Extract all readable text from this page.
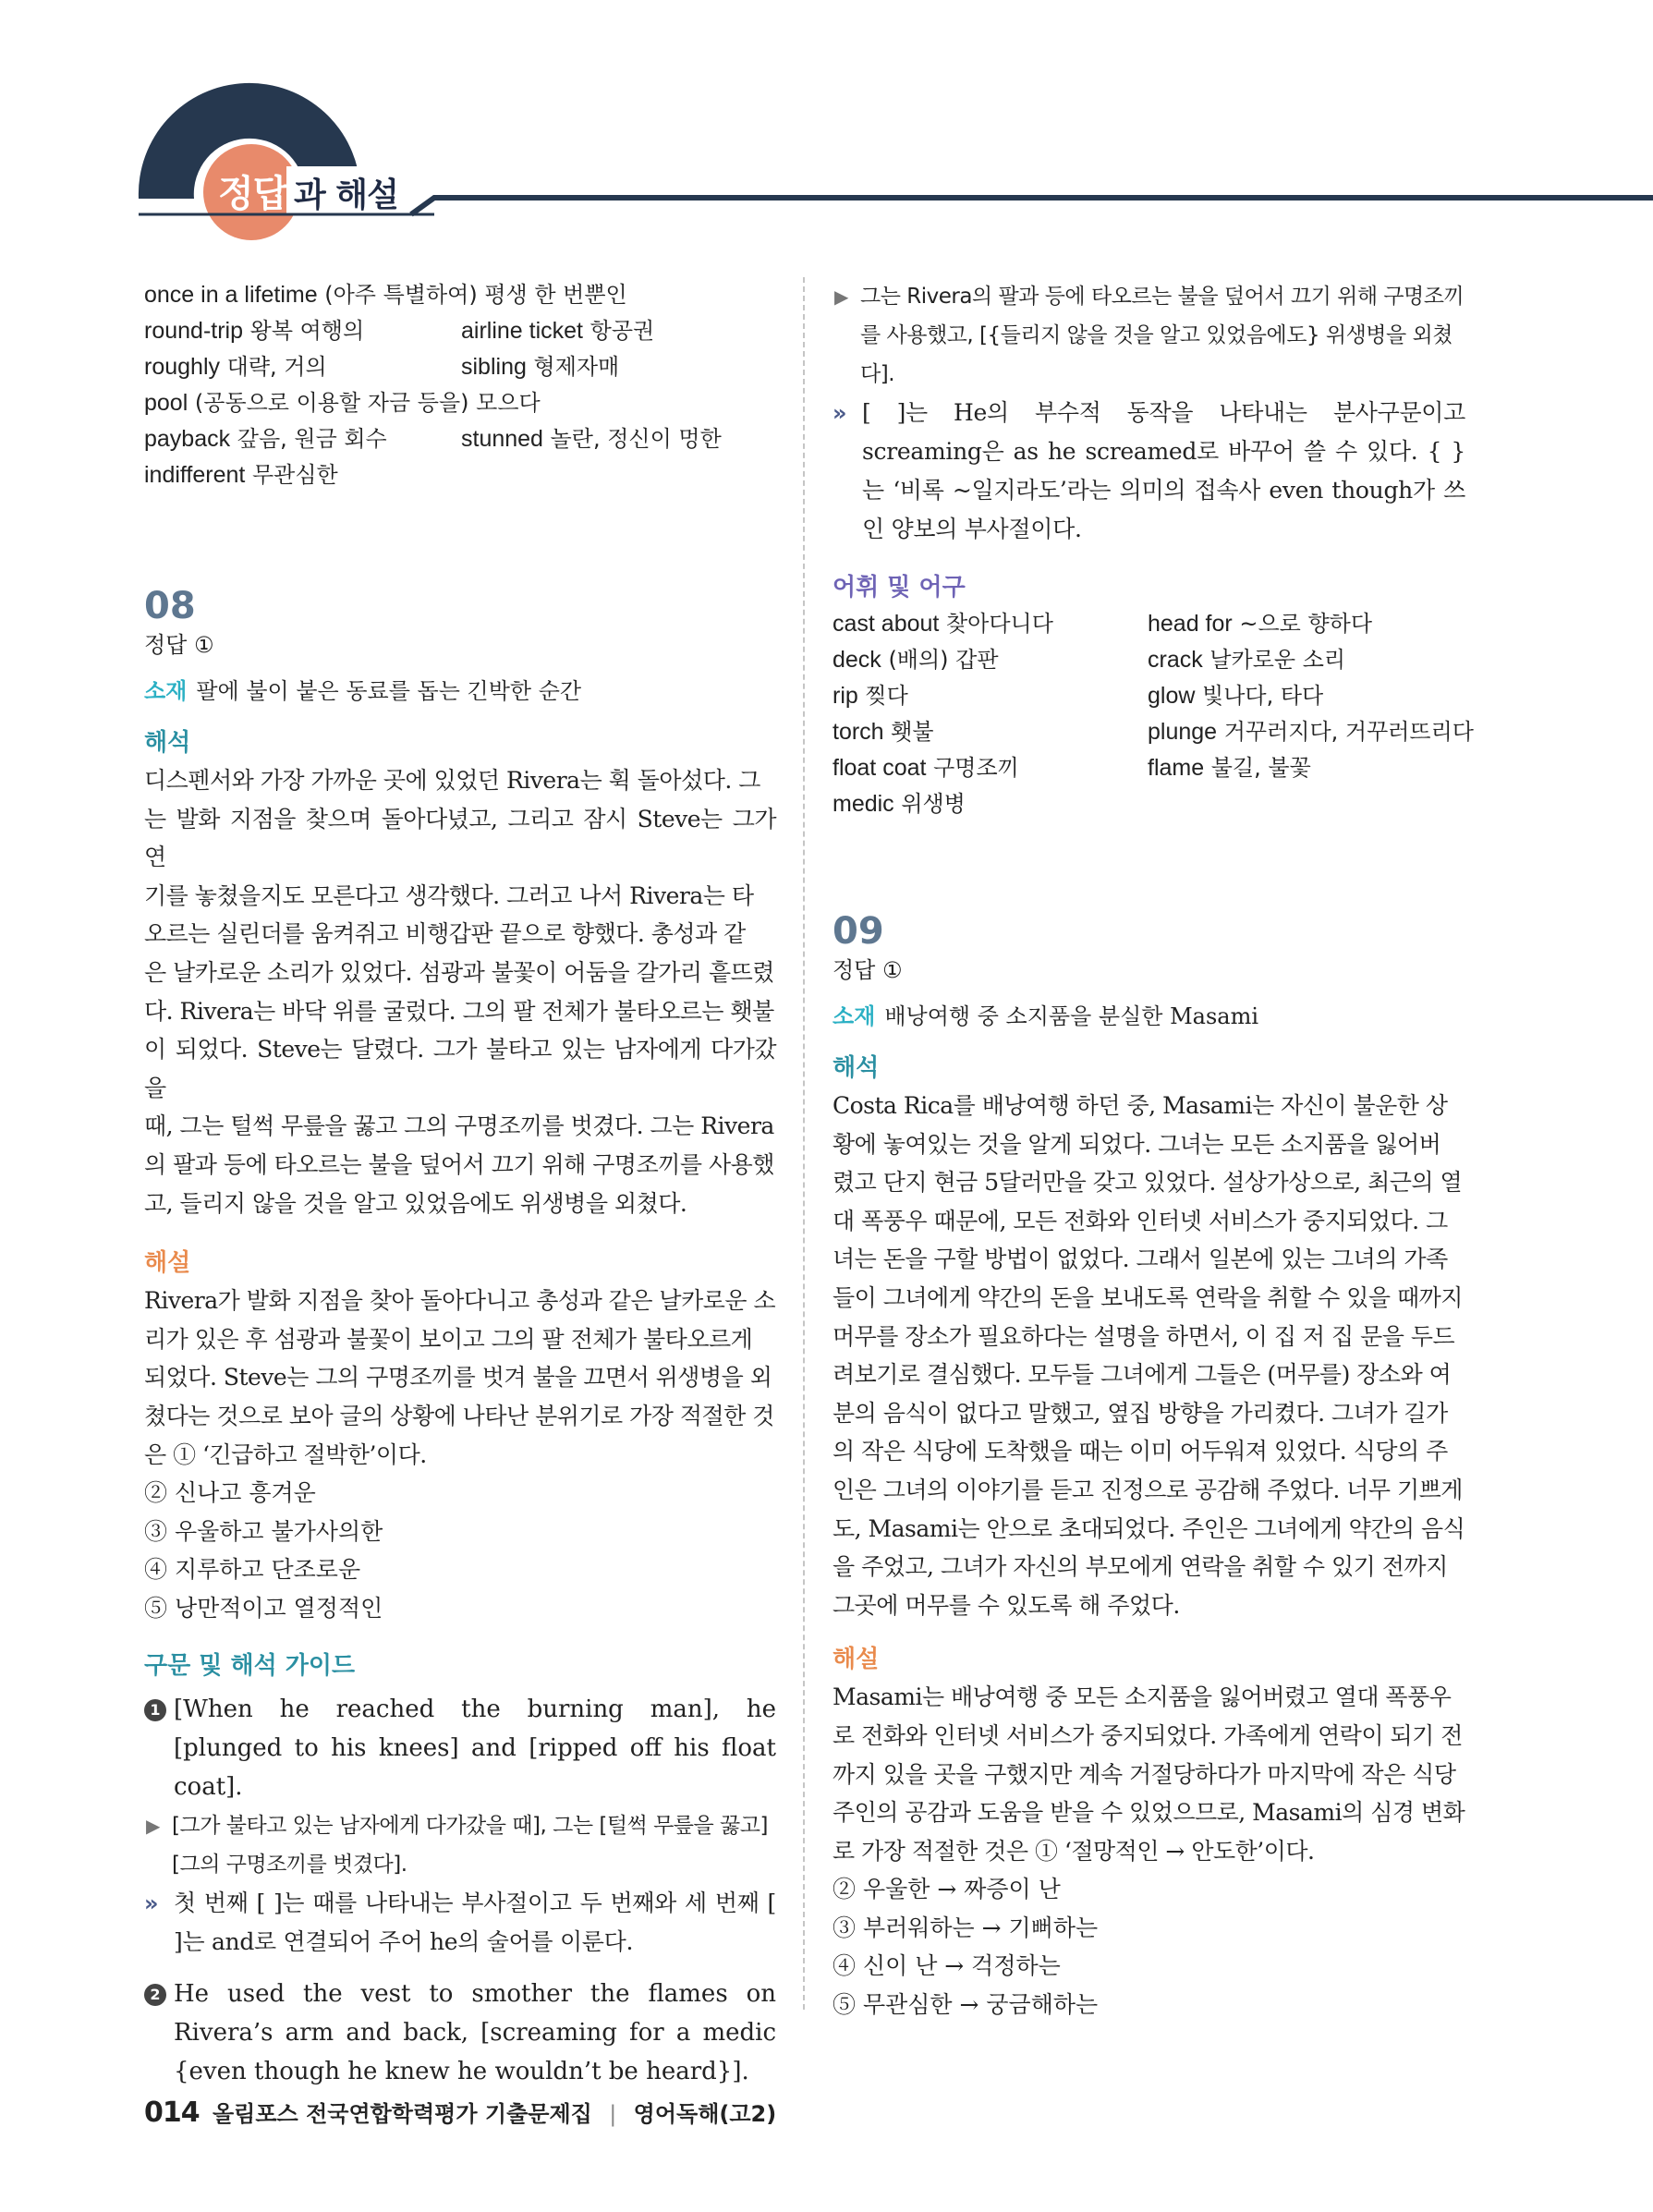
정답 과 해설
once in a lifetime (아주 특별하여) 평생 한 번뿐인
round-trip 왕복 여행의	airline ticket 항공권
roughly 대략, 거의	sibling 형제자매
pool (공동으로 이용할 자금 등을) 모으다
payback 갚음, 원금 회수	stunned 놀란, 정신이 멍한
indifferent 무관심한
08
정답 ①
소재 팔에 불이 붙은 동료를 돕는 긴박한 순간
해석

디스펜서와 가장 가까운 곳에 있었던 Rivera는 휙 돌아섰다. 그

는 발화 지점을 찾으며 돌아다녔고, 그리고 잠시 Steve는 그가 연

기를 놓쳤을지도 모른다고 생각했다. 그러고 나서 Rivera는 타

오르는 실린더를 움켜쥐고 비행갑판 끝으로 향했다. 총성과 같

은 날카로운 소리가 있었다. 섬광과 불꽃이 어둠을 갈가리 흩뜨렸

다. Rivera는 바닥 위를 굴렀다. 그의 팔 전체가 불타오르는 횃불

이 되었다. Steve는 달렸다. 그가 불타고 있는 남자에게 다가갔을

때, 그는 털썩 무릎을 꿇고 그의 구명조끼를 벗겼다. 그는 Rivera

의 팔과 등에 타오르는 불을 덮어서 끄기 위해 구명조끼를 사용했

고, 들리지 않을 것을 알고 있었음에도 위생병을 외쳤다.

해설

Rivera가 발화 지점을 찾아 돌아다니고 총성과 같은 날카로운 소

리가 있은 후 섬광과 불꽃이 보이고 그의 팔 전체가 불타오르게

되었다. Steve는 그의 구명조끼를 벗겨 불을 끄면서 위생병을 외

쳤다는 것으로 보아 글의 상황에 나타난 분위기로 가장 적절한 것

은 ① ‘긴급하고 절박한’이다.

② 신나고 흥겨운
③ 우울하고 불가사의한
④ 지루하고 단조로운
⑤ 낭만적이고 열정적인
구문 및 해석 가이드
1 [When he reached the burning man], he [plunged to his knees] and [ripped off his float coat].
▶ [그가 불타고 있는 남자에게 다가갔을 때], 그는 [털썩 무릎을 꿇고] [그의 구명조끼를 벗겼다].
» 첫 번째 [ ]는 때를 나타내는 부사절이고 두 번째와 세 번째 [ ]는 and로 연결되어 주어 he의 술어를 이룬다.
2 He used the vest to smother the flames on Rivera’s arm and back, [screaming for a medic {even though he knew he wouldn’t be heard}].
▶ 그는 Rivera의 팔과 등에 타오르는 불을 덮어서 끄기 위해 구명조끼를 사용했고, [{들리지 않을 것을 알고 있었음에도} 위생병을 외쳤다].
» [ ]는 He의 부수적 동작을 나타내는 분사구문이고 screaming은 as he screamed로 바꾸어 쓸 수 있다. { }는 ‘비록 ~일지라도’라는 의미의 접속사 even though가 쓰인 양보의 부사절이다.
어휘 및 어구
cast about 찾아다니다	head for ~으로 향하다
deck (배의) 갑판	crack 날카로운 소리
rip 찢다	glow 빛나다, 타다
torch 횃불	plunge 거꾸러지다, 거꾸러뜨리다
float coat 구명조끼	flame 불길, 불꽃
medic 위생병
09
정답 ①
소재 배낭여행 중 소지품을 분실한 Masami
해석

Costa Rica를 배낭여행 하던 중, Masami는 자신이 불운한 상

황에 놓여있는 것을 알게 되었다. 그녀는 모든 소지품을 잃어버

렸고 단지 현금 5달러만을 갖고 있었다. 설상가상으로, 최근의 열

대 폭풍우 때문에, 모든 전화와 인터넷 서비스가 중지되었다. 그

녀는 돈을 구할 방법이 없었다. 그래서 일본에 있는 그녀의 가족

들이 그녀에게 약간의 돈을 보내도록 연락을 취할 수 있을 때까지

머무를 장소가 필요하다는 설명을 하면서, 이 집 저 집 문을 두드

려보기로 결심했다. 모두들 그녀에게 그들은 (머무를) 장소와 여

분의 음식이 없다고 말했고, 옆집 방향을 가리켰다. 그녀가 길가

의 작은 식당에 도착했을 때는 이미 어두워져 있었다. 식당의 주

인은 그녀의 이야기를 듣고 진정으로 공감해 주었다. 너무 기쁘게

도, Masami는 안으로 초대되었다. 주인은 그녀에게 약간의 음식

을 주었고, 그녀가 자신의 부모에게 연락을 취할 수 있기 전까지

그곳에 머무를 수 있도록 해 주었다.

해설

Masami는 배낭여행 중 모든 소지품을 잃어버렸고 열대 폭풍우

로 전화와 인터넷 서비스가 중지되었다. 가족에게 연락이 되기 전

까지 있을 곳을 구했지만 계속 거절당하다가 마지막에 작은 식당

주인의 공감과 도움을 받을 수 있었으므로, Masami의 심경 변화

로 가장 적절한 것은 ① ‘절망적인 → 안도한’이다.

② 우울한 → 짜증이 난
③ 부러워하는 → 기뻐하는
④ 신이 난 → 걱정하는
⑤ 무관심한 → 궁금해하는
014 올림포스 전국연합학력평가 기출문제집 | 영어독해(고2)
